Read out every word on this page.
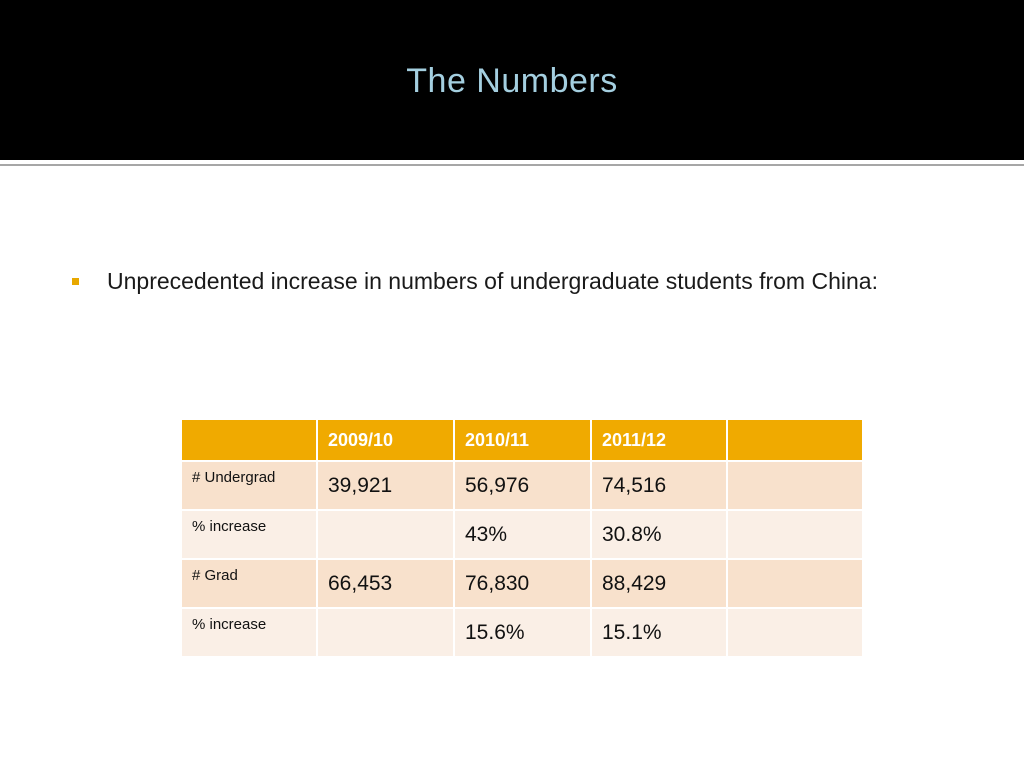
The Numbers
Unprecedented increase in numbers of undergraduate students from China:
	2009/10	2010/11	2011/12	
# Undergrad	39,921	56,976	74,516	
% increase		43%	30.8%	
# Grad	66,453	76,830	88,429	
% increase		15.6%	15.1%	
